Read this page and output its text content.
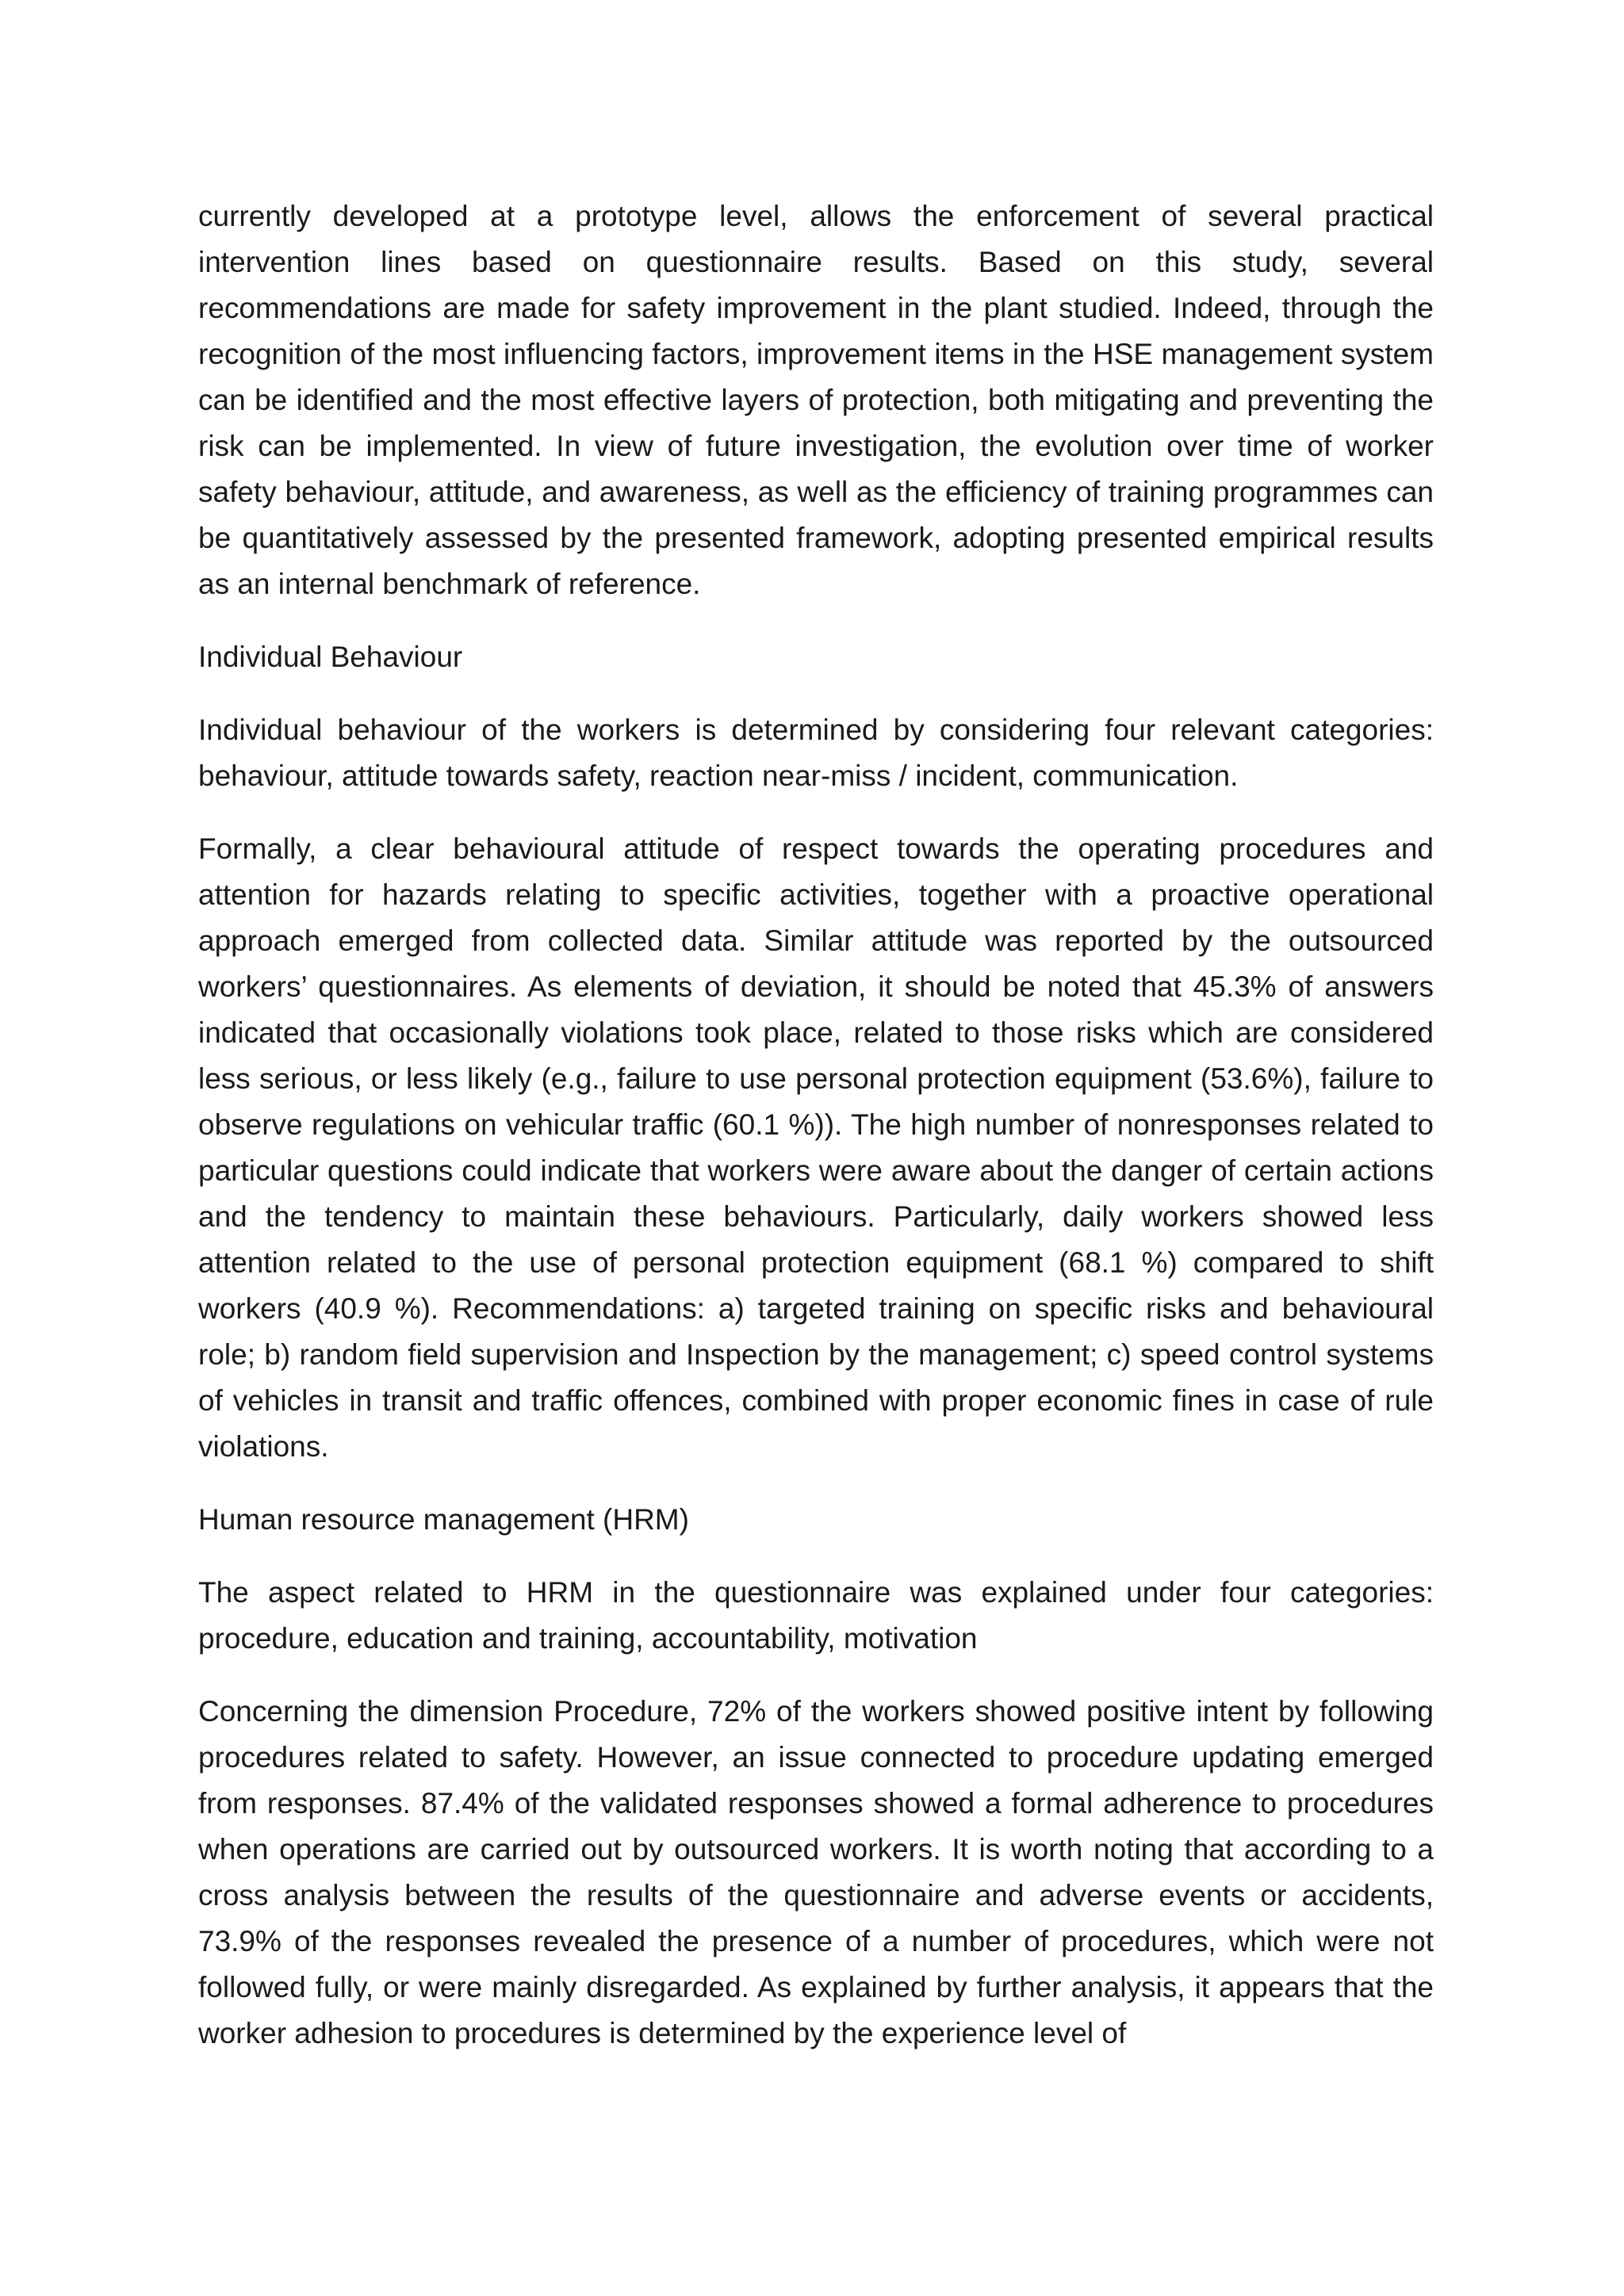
currently developed at a prototype level, allows the enforcement of several practical intervention lines based on questionnaire results. Based on this study, several recommendations are made for safety improvement in the plant studied. Indeed, through the recognition of the most influencing factors, improvement items in the HSE management system can be identified and the most effective layers of protection, both mitigating and preventing the risk can be implemented. In view of future investigation, the evolution over time of worker safety behaviour, attitude, and awareness, as well as the efficiency of training programmes can be quantitatively assessed by the presented framework, adopting presented empirical results as an internal benchmark of reference.

Individual Behaviour

Individual behaviour of the workers is determined by considering four relevant categories: behaviour, attitude towards safety, reaction near-miss / incident, communication.

Formally, a clear behavioural attitude of respect towards the operating procedures and attention for hazards relating to specific activities, together with a proactive operational approach emerged from collected data. Similar attitude was reported by the outsourced workers’ questionnaires. As elements of deviation, it should be noted that 45.3% of answers indicated that occasionally violations took place, related to those risks which are considered less serious, or less likely (e.g., failure to use personal protection equipment (53.6%), failure to observe regulations on vehicular traffic (60.1 %)). The high number of nonresponses related to particular questions could indicate that workers were aware about the danger of certain actions and the tendency to maintain these behaviours. Particularly, daily workers showed less attention related to the use of personal protection equipment (68.1 %) compared to shift workers (40.9 %). Recommendations: a) targeted training on specific risks and behavioural role; b) random field supervision and Inspection by the management; c) speed control systems of vehicles in transit and traffic offences, combined with proper economic fines in case of rule violations.

Human resource management (HRM)

The aspect related to HRM in the questionnaire was explained under four categories: procedure, education and training, accountability, motivation

Concerning the dimension Procedure, 72% of the workers showed positive intent by following procedures related to safety. However, an issue connected to procedure updating emerged from responses. 87.4% of the validated responses showed a formal adherence to procedures when operations are carried out by outsourced workers. It is worth noting that according to a cross analysis between the results of the questionnaire and adverse events or accidents, 73.9% of the responses revealed the presence of a number of procedures, which were not followed fully, or were mainly disregarded. As explained by further analysis, it appears that the worker adhesion to procedures is determined by the experience level of
